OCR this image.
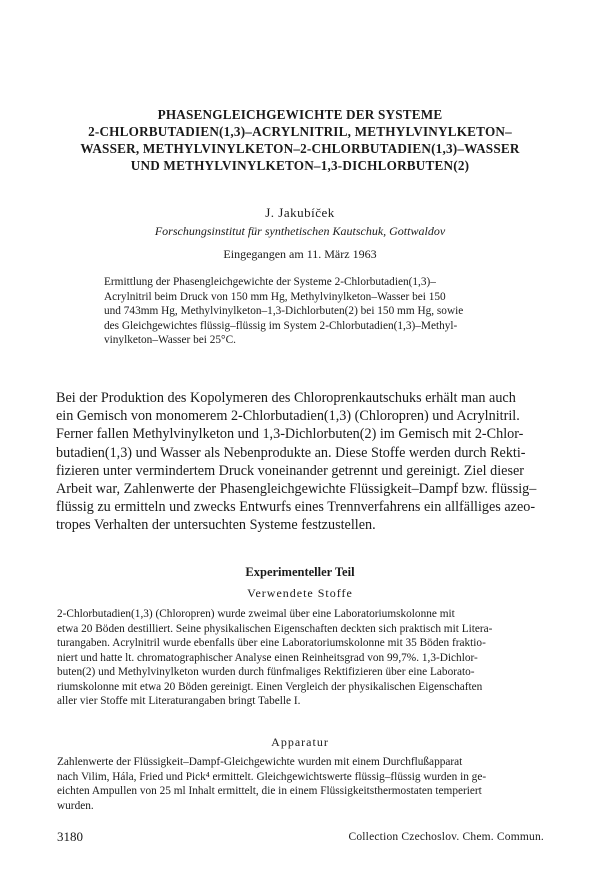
PHASENGLEICHGEWICHTE DER SYSTEME
2-CHLORBUTADIEN(1,3)–ACRYLNITRIL, METHYLVINYLKETON–
WASSER, METHYLVINYLKETON–2-CHLORBUTADIEN(1,3)–WASSER
UND METHYLVINYLKETON–1,3-DICHLORBUTEN(2)
J. Jakubíček
Forschungsinstitut für synthetischen Kautschuk, Gottwaldov
Eingegangen am 11. März 1963
Ermittlung der Phasengleichgewichte der Systeme 2-Chlorbutadien(1,3)–
Acrylnitril beim Druck von 150 mm Hg, Methylvinylketon–Wasser bei 150
und 743mm Hg, Methylvinylketon–1,3-Dichlorbuten(2) bei 150 mm Hg, sowie
des Gleichgewichtes flüssig–flüssig im System 2-Chlorbutadien(1,3)–Methyl-
vinylketon–Wasser bei 25°C.
Bei der Produktion des Kopolymeren des Chloroprenkautschuks erhält man auch
ein Gemisch von monomerem 2-Chlorbutadien(1,3) (Chloropren) und Acrylnitril.
Ferner fallen Methylvinylketon und 1,3-Dichlorbuten(2) im Gemisch mit 2-Chlor-
butadien(1,3) und Wasser als Nebenprodukte an. Diese Stoffe werden durch Rekti-
fizieren unter vermindertem Druck voneinander getrennt und gereinigt. Ziel dieser
Arbeit war, Zahlenwerte der Phasengleichgewichte Flüssigkeit–Dampf bzw. flüssig–
flüssig zu ermitteln und zwecks Entwurfs eines Trennverfahrens ein allfälliges azeo-
tropes Verhalten der untersuchten Systeme festzustellen.
Experimenteller Teil
Verwendete Stoffe
2-Chlorbutadien(1,3) (Chloropren) wurde zweimal über eine Laboratoriumskolonne mit
etwa 20 Böden destilliert. Seine physikalischen Eigenschaften deckten sich praktisch mit Litera-
turangaben. Acrylnitril wurde ebenfalls über eine Laboratoriumskolonne mit 35 Böden fraktio-
niert und hatte lt. chromatographischer Analyse einen Reinheitsgrad von 99,7%. 1,3-Dichlor-
buten(2) und Methylvinylketon wurden durch fünfmaliges Rektifizieren über eine Laborato-
riumskolonne mit etwa 20 Böden gereinigt. Einen Vergleich der physikalischen Eigenschaften
aller vier Stoffe mit Literaturangaben bringt Tabelle I.
Apparatur
Zahlenwerte der Flüssigkeit–Dampf-Gleichgewichte wurden mit einem Durchflußapparat
nach Vilim, Hála, Fried und Pick⁴ ermittelt. Gleichgewichtswerte flüssig–flüssig wurden in ge-
eichten Ampullen von 25 ml Inhalt ermittelt, die in einem Flüssigkeitsthermostaten temperiert
wurden.
3180	Collection Czechoslov. Chem. Commun.
